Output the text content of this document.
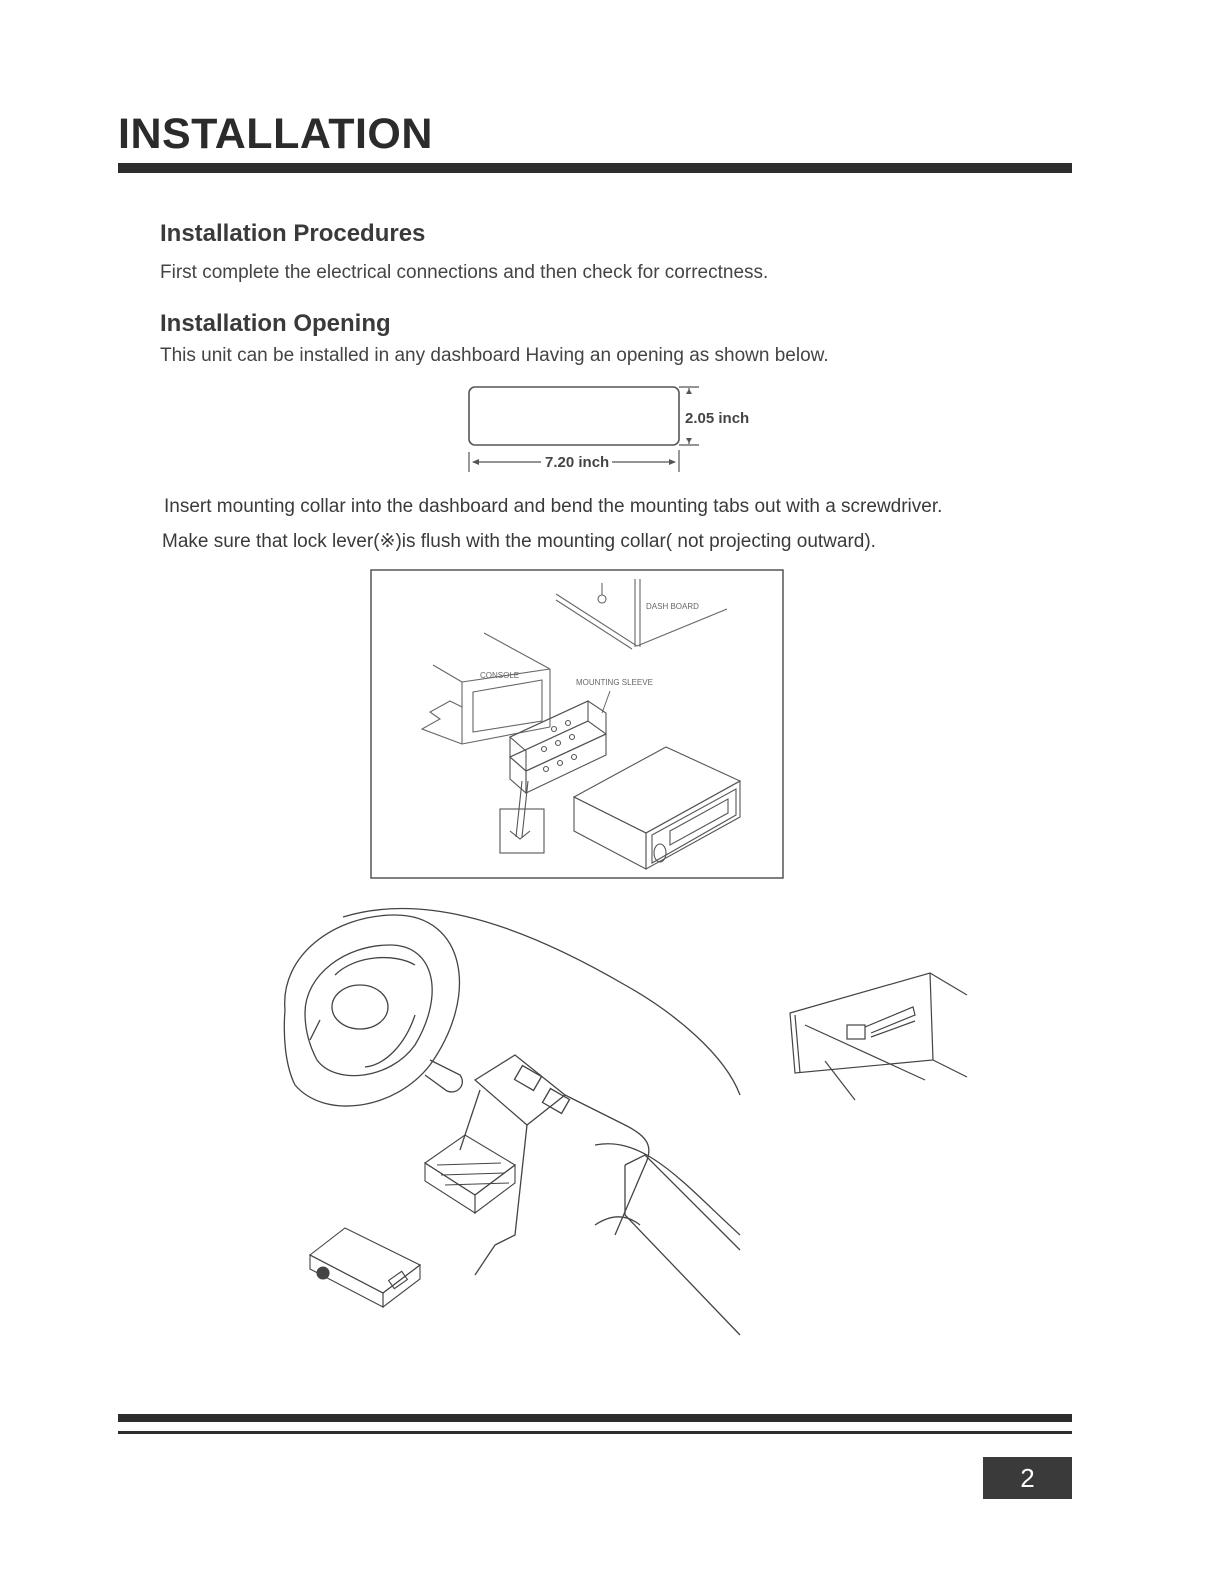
INSTALLATION
Installation Procedures

First complete the electrical connections and then check for correctness.

Installation Opening

This unit can be installed in any dashboard Having an opening as shown below.

2.05 inch
7.20 inch

Insert mounting collar into the dashboard and bend the mounting tabs out with a screwdriver.

Make sure that lock lever(※)is flush with the mounting collar( not projecting outward).

DASH BOARD
CONSOLE
MOUNTING SLEEVE
2
